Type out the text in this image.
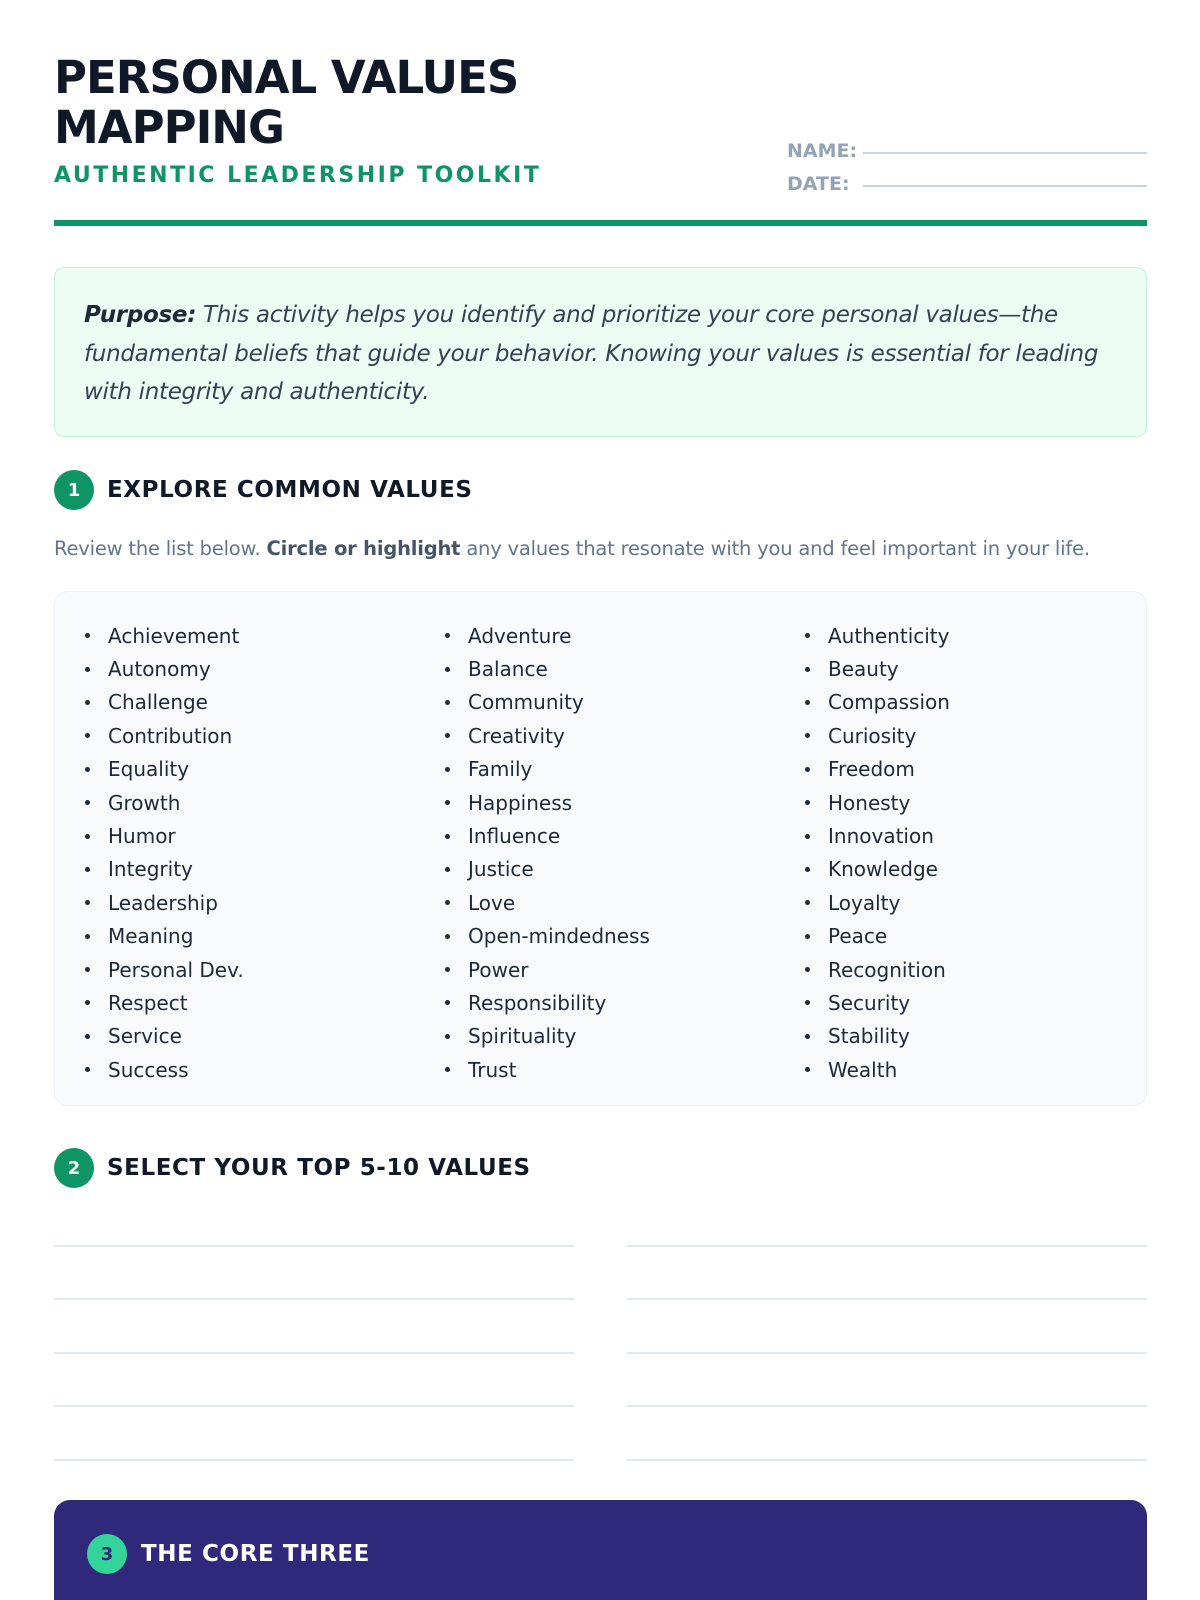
PERSONAL VALUES MAPPING
AUTHENTIC LEADERSHIP TOOLKIT
NAME:
DATE:
Purpose: This activity helps you identify and prioritize your core personal values—the fundamental beliefs that guide your behavior. Knowing your values is essential for leading with integrity and authenticity.
1	EXPLORE COMMON VALUES
Review the list below. Circle or highlight any values that resonate with you and feel important in your life.
Achievement
Autonomy
Challenge
Contribution
Equality
Growth
Humor
Integrity
Leadership
Meaning
Personal Dev.
Respect
Service
Success
Adventure
Balance
Community
Creativity
Family
Happiness
Influence
Justice
Love
Open-mindedness
Power
Responsibility
Spirituality
Trust
Authenticity
Beauty
Compassion
Curiosity
Freedom
Honesty
Innovation
Knowledge
Loyalty
Peace
Recognition
Security
Stability
Wealth
2	SELECT YOUR TOP 5-10 VALUES
3	THE CORE THREE
